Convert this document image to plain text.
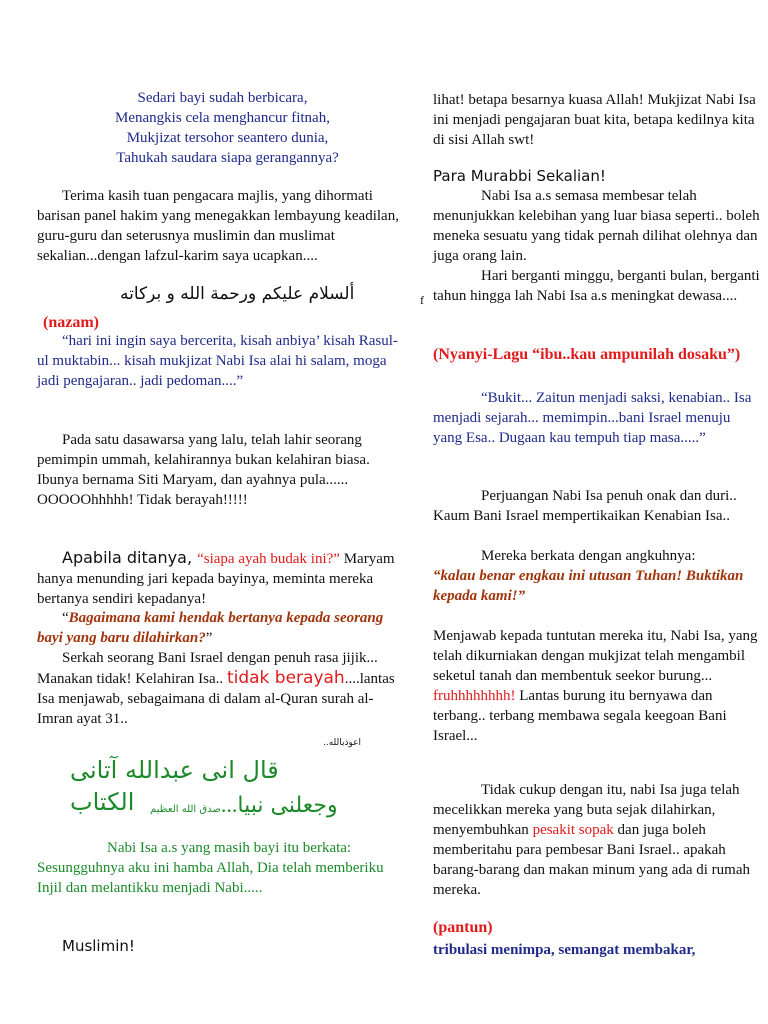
Sedari bayi sudah berbicara,

Menangkis cela menghancur fitnah,

Mukjizat tersohor seantero dunia,

Tahukah saudara siapa gerangannya?

Terima kasih tuan pengacara majlis, yang dihormati barisan panel hakim yang menegakkan lembayung keadilan, guru-guru dan seterusnya muslimin dan muslimat sekalian...dengan lafzul-karim saya ucapkan....

ألسلام عليكم ورحمة الله و بركاته

(nazam)

“hari ini ingin saya bercerita, kisah anbiya’ kisah Rasul-ul muktabin... kisah mukjizat Nabi Isa alai hi salam, moga jadi pengajaran.. jadi pedoman....”

Pada satu dasawarsa yang lalu, telah lahir seorang pemimpin ummah, kelahirannya bukan kelahiran biasa. Ibunya bernama Siti Maryam, dan ayahnya pula...... OOOOOhhhhh! Tidak berayah!!!!!

Apabila ditanya, “siapa ayah budak ini?” Maryam hanya menunding jari kepada bayinya, meminta mereka bertanya sendiri kepadanya!
“Bagaimana kami hendak bertanya kepada seorang bayi yang baru dilahirkan?”
Serkah seorang Bani Israel dengan penuh rasa jijik... Manakan tidak! Kelahiran Isa.. tidak berayah....lantas Isa menjawab, sebagaimana di dalam al-Quran surah al-Imran ayat 31..

اعوذبالله..

قال انى عبدالله آتانى الكتاب	صدق الله العظيم...وجعلنى نبيا

Nabi Isa a.s yang masih bayi itu berkata:

Sesungguhnya aku ini hamba Allah, Dia telah memberiku Injil dan melantikku menjadi Nabi.....

Muslimin!

f

lihat! betapa besarnya kuasa Allah! Mukjizat Nabi Isa ini menjadi pengajaran buat kita, betapa kedilnya kita di sisi Allah swt!

Para Murabbi Sekalian!

Nabi Isa a.s semasa membesar telah menunjukkan kelebihan yang luar biasa seperti.. boleh meneka sesuatu yang tidak pernah dilihat olehnya dan juga orang lain.

Hari berganti minggu, berganti bulan, berganti tahun hingga lah Nabi Isa a.s meningkat dewasa....

(Nyanyi-Lagu “ibu..kau ampunilah dosaku”)

“Bukit... Zaitun menjadi saksi, kenabian.. Isa menjadi sejarah... memimpin...bani Israel menuju yang Esa.. Dugaan kau tempuh tiap masa.....”

Perjuangan Nabi Isa penuh onak dan duri.. Kaum Bani Israel mempertikaikan Kenabian Isa..

Mereka berkata dengan angkuhnya:

“kalau benar engkau ini utusan Tuhan! Buktikan kepada kami!”

Menjawab kepada tuntutan mereka itu, Nabi Isa, yang telah dikurniakan dengan mukjizat telah mengambil seketul tanah dan membentuk seekor burung... fruhhhhhhhh! Lantas burung itu bernyawa dan terbang.. terbang membawa segala keegoan Bani Israel...
Tidak cukup dengan itu, nabi Isa juga telah mecelikkan mereka yang buta sejak dilahirkan, menyembuhkan pesakit sopak dan juga boleh memberitahu para pembesar Bani Israel.. apakah barang-barang dan makan minum yang ada di rumah mereka.

(pantun)

tribulasi menimpa, semangat membakar,
